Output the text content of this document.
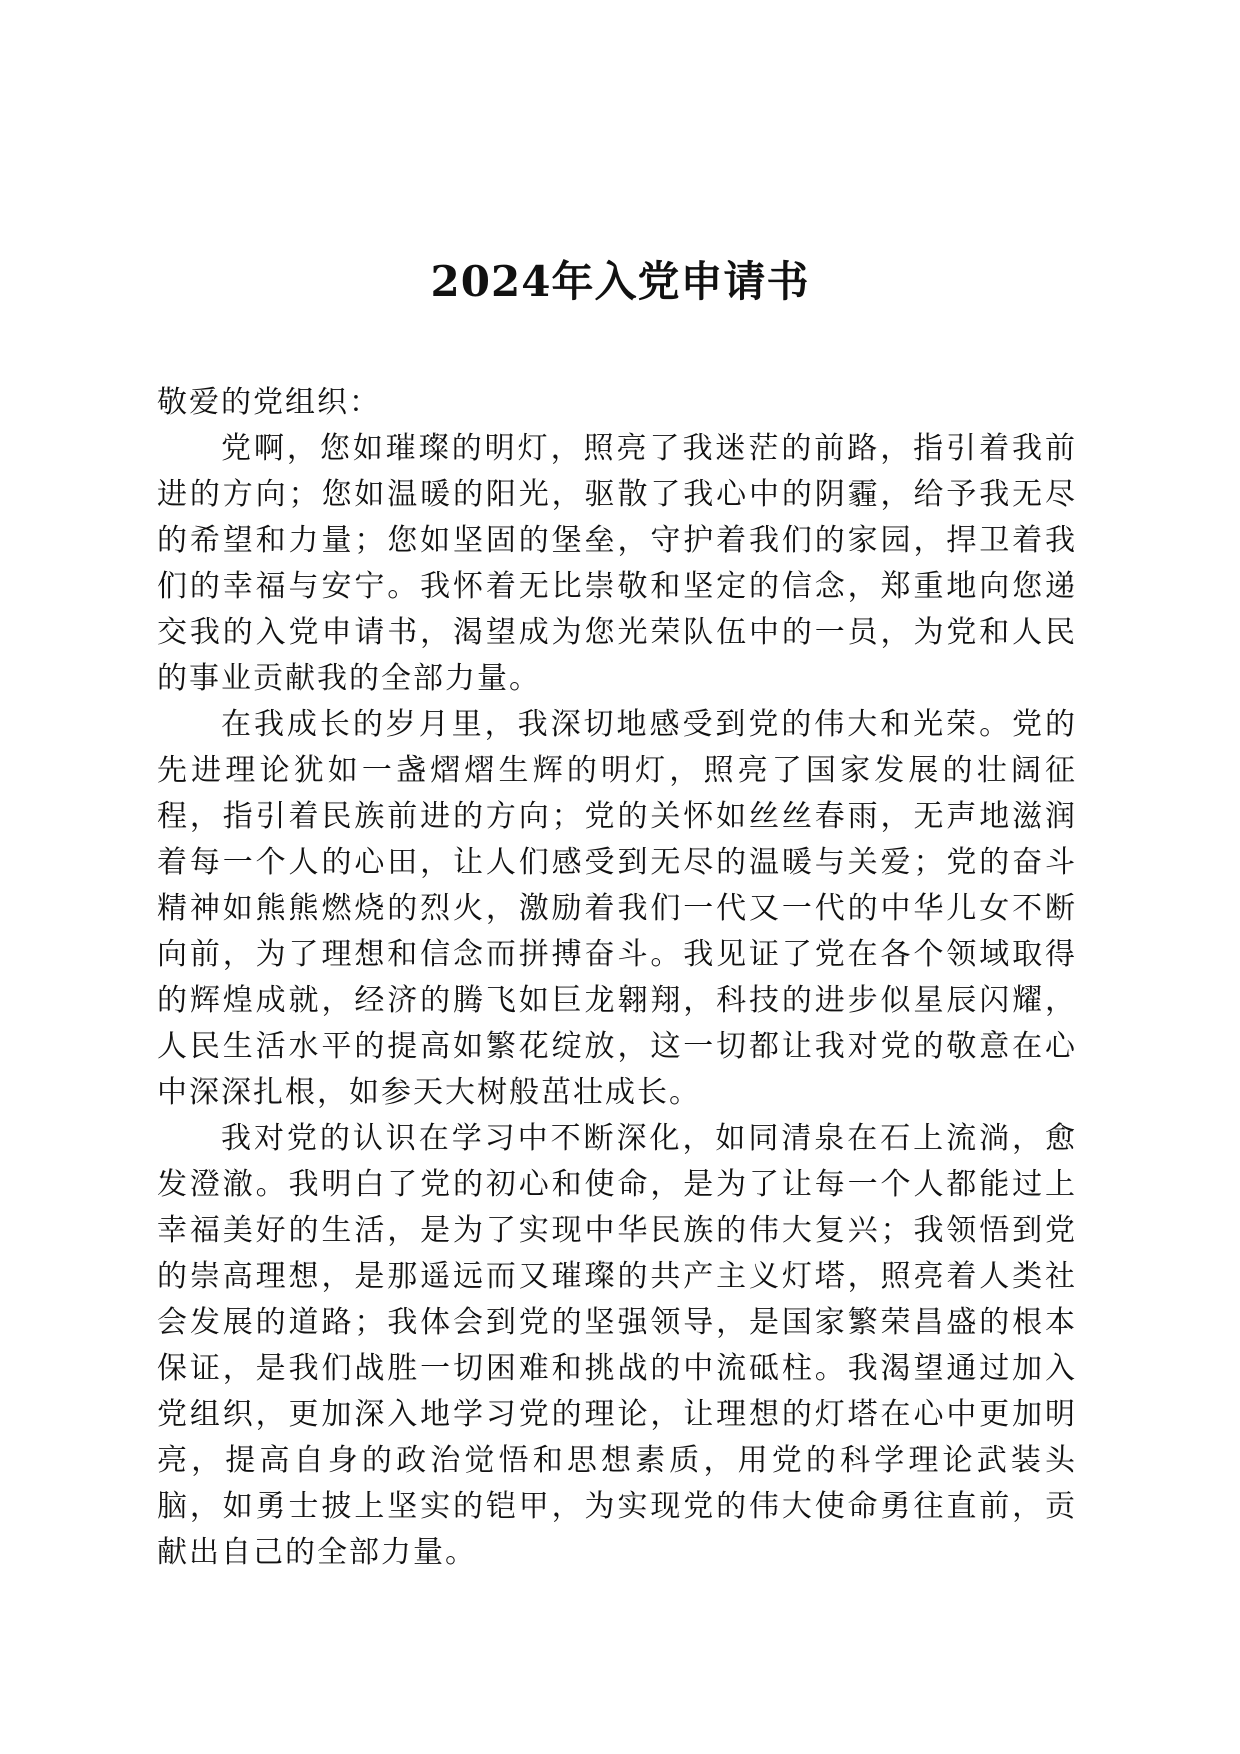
2024年入党申请书

敬爱的党组织：

党啊，您如璀璨的明灯，照亮了我迷茫的前路，指引着我前进的方向；您如温暖的阳光，驱散了我心中的阴霾，给予我无尽的希望和力量；您如坚固的堡垒，守护着我们的家园，捍卫着我们的幸福与安宁。我怀着无比崇敬和坚定的信念，郑重地向您递交我的入党申请书，渴望成为您光荣队伍中的一员，为党和人民的事业贡献我的全部力量。

在我成长的岁月里，我深切地感受到党的伟大和光荣。党的先进理论犹如一盏熠熠生辉的明灯，照亮了国家发展的壮阔征程，指引着民族前进的方向；党的关怀如丝丝春雨，无声地滋润着每一个人的心田，让人们感受到无尽的温暖与关爱；党的奋斗精神如熊熊燃烧的烈火，激励着我们一代又一代的中华儿女不断向前，为了理想和信念而拼搏奋斗。我见证了党在各个领域取得的辉煌成就，经济的腾飞如巨龙翱翔，科技的进步似星辰闪耀，人民生活水平的提高如繁花绽放，这一切都让我对党的敬意在心中深深扎根，如参天大树般茁壮成长。

我对党的认识在学习中不断深化，如同清泉在石上流淌，愈发澄澈。我明白了党的初心和使命，是为了让每一个人都能过上幸福美好的生活，是为了实现中华民族的伟大复兴；我领悟到党的崇高理想，是那遥远而又璀璨的共产主义灯塔，照亮着人类社会发展的道路；我体会到党的坚强领导，是国家繁荣昌盛的根本保证，是我们战胜一切困难和挑战的中流砥柱。我渴望通过加入党组织，更加深入地学习党的理论，让理想的灯塔在心中更加明亮，提高自身的政治觉悟和思想素质，用党的科学理论武装头脑，如勇士披上坚实的铠甲，为实现党的伟大使命勇往直前，贡献出自己的全部力量。
